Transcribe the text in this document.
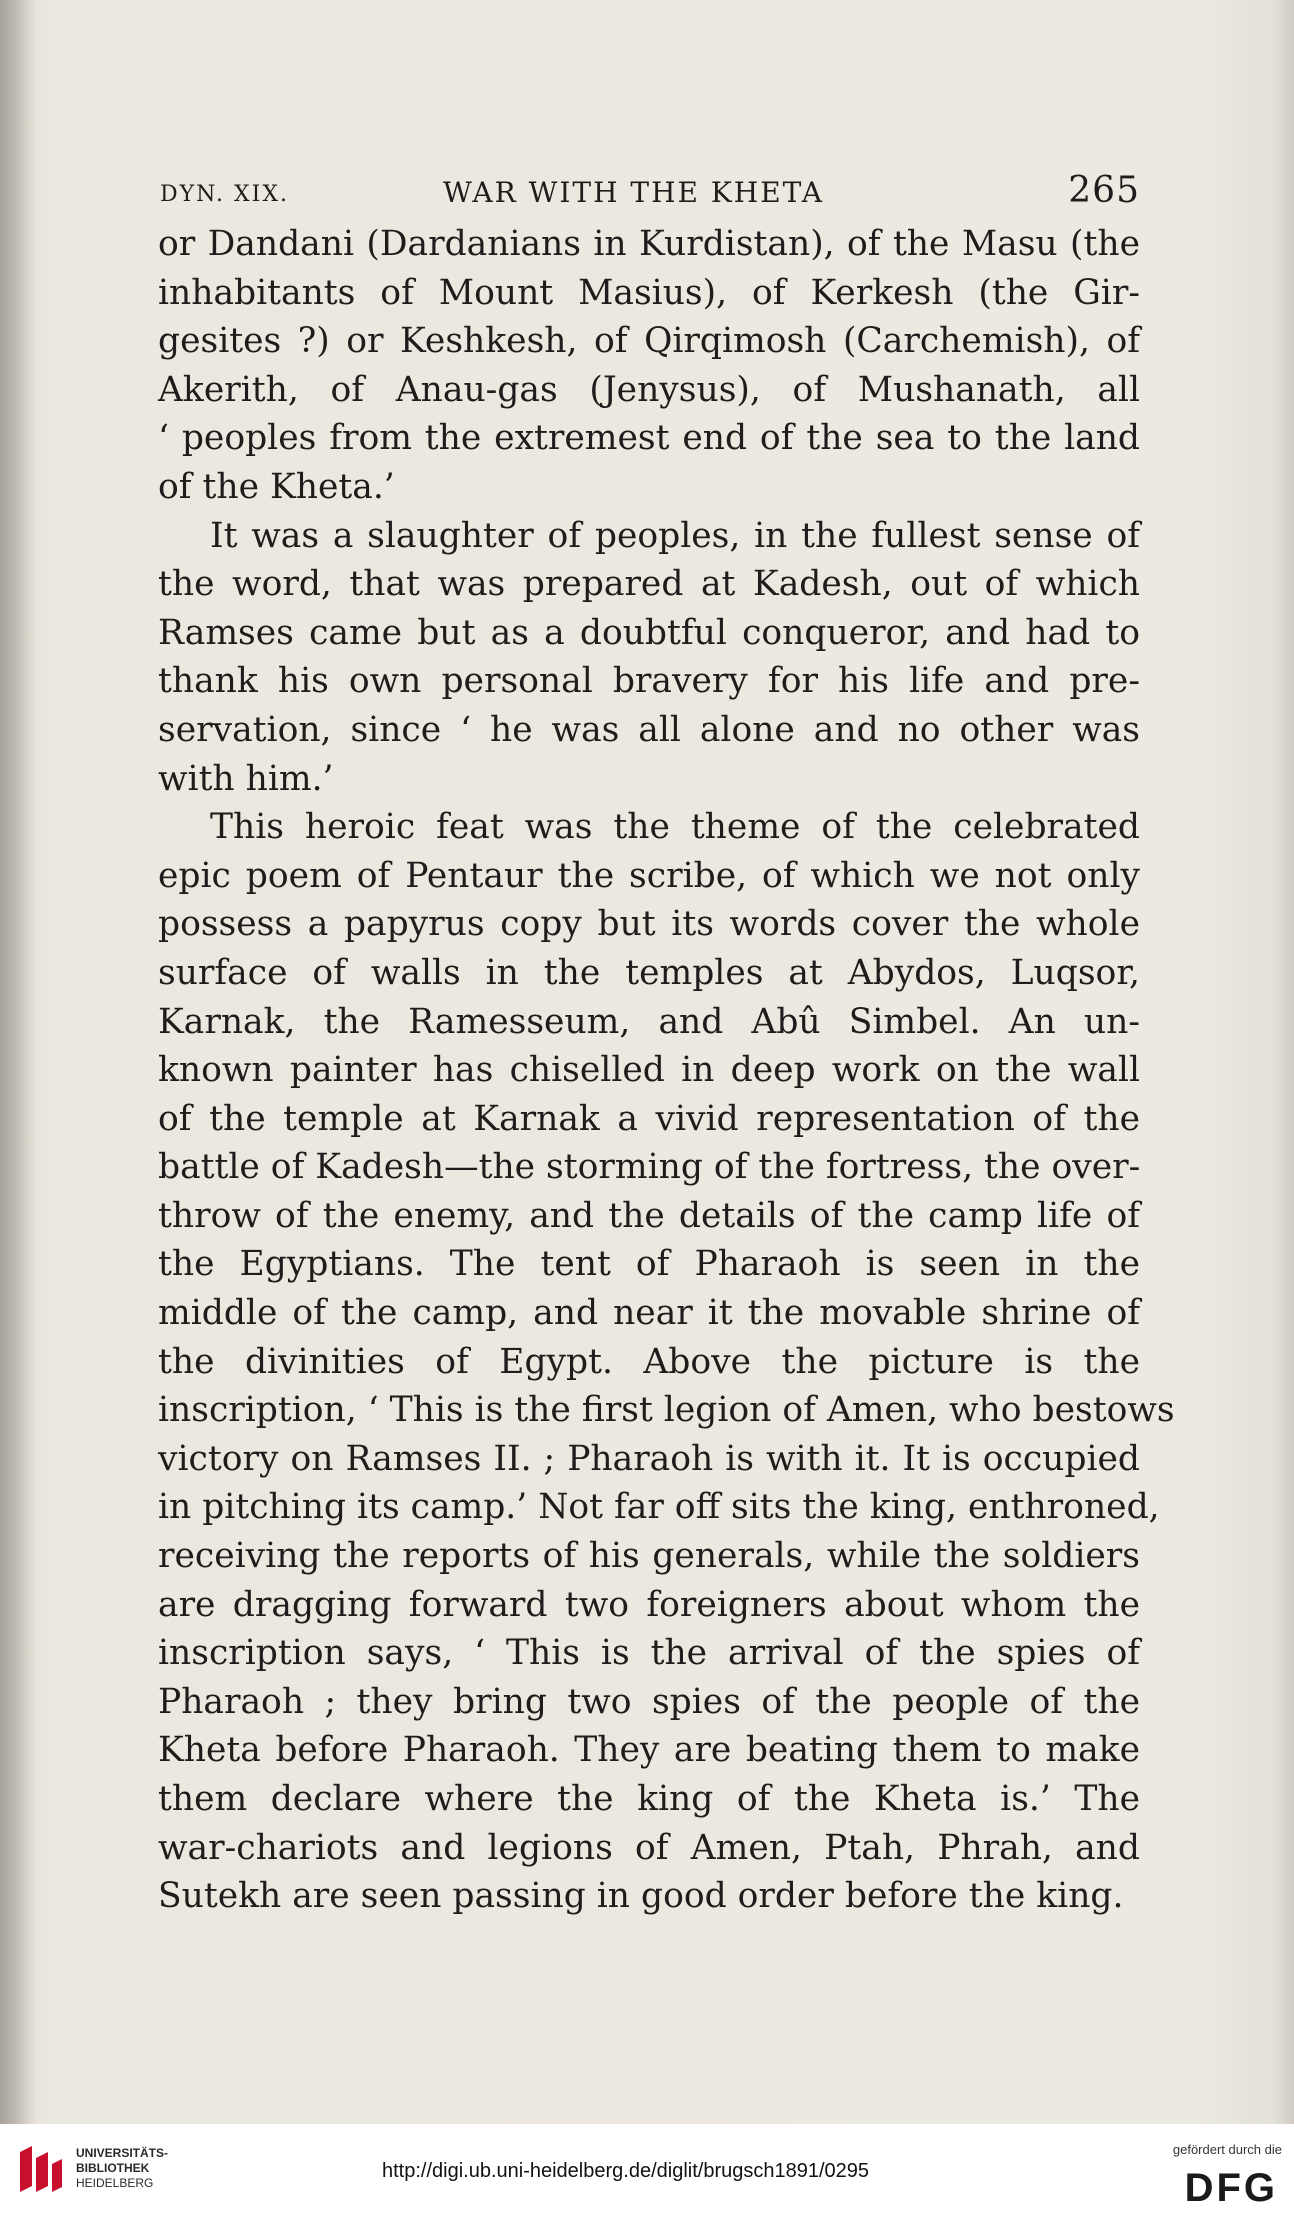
DYN. XIX.	WAR WITH THE KHETA	265
or Dandani (Dardanians in Kurdistan), of the Masu (the
inhabitants of Mount Masius), of Kerkesh (the Gir-
gesites ?) or Keshkesh, of Qirqimosh (Carchemish), of
Akerith, of Anau-gas (Jenysus), of Mushanath, all
‘ peoples from the extremest end of the sea to the land
of the Kheta.’
It was a slaughter of peoples, in the fullest sense of
the word, that was prepared at Kadesh, out of which
Ramses came but as a doubtful conqueror, and had to
thank his own personal bravery for his life and pre-
servation, since ‘ he was all alone and no other was
with him.’
This heroic feat was the theme of the celebrated
epic poem of Pentaur the scribe, of which we not only
possess a papyrus copy but its words cover the whole
surface of walls in the temples at Abydos, Luqsor,
Karnak, the Ramesseum, and Abû Simbel. An un-
known painter has chiselled in deep work on the wall
of the temple at Karnak a vivid representation of the
battle of Kadesh—the storming of the fortress, the over-
throw of the enemy, and the details of the camp life of
the Egyptians. The tent of Pharaoh is seen in the
middle of the camp, and near it the movable shrine of
the divinities of Egypt. Above the picture is the
inscription, ‘ This is the first legion of Amen, who bestows
victory on Ramses II. ; Pharaoh is with it. It is occupied
in pitching its camp.’ Not far off sits the king, enthroned,
receiving the reports of his generals, while the soldiers
are dragging forward two foreigners about whom the
inscription says, ‘ This is the arrival of the spies of
Pharaoh ; they bring two spies of the people of the
Kheta before Pharaoh. They are beating them to make
them declare where the king of the Kheta is.’ The
war-chariots and legions of Amen, Ptah, Phrah, and
Sutekh are seen passing in good order before the king.
UNIVERSITÄTS-
BIBLIOTHEK
HEIDELBERG
http://digi.ub.uni-heidelberg.de/diglit/brugsch1891/0295
gefördert durch die
DFG
